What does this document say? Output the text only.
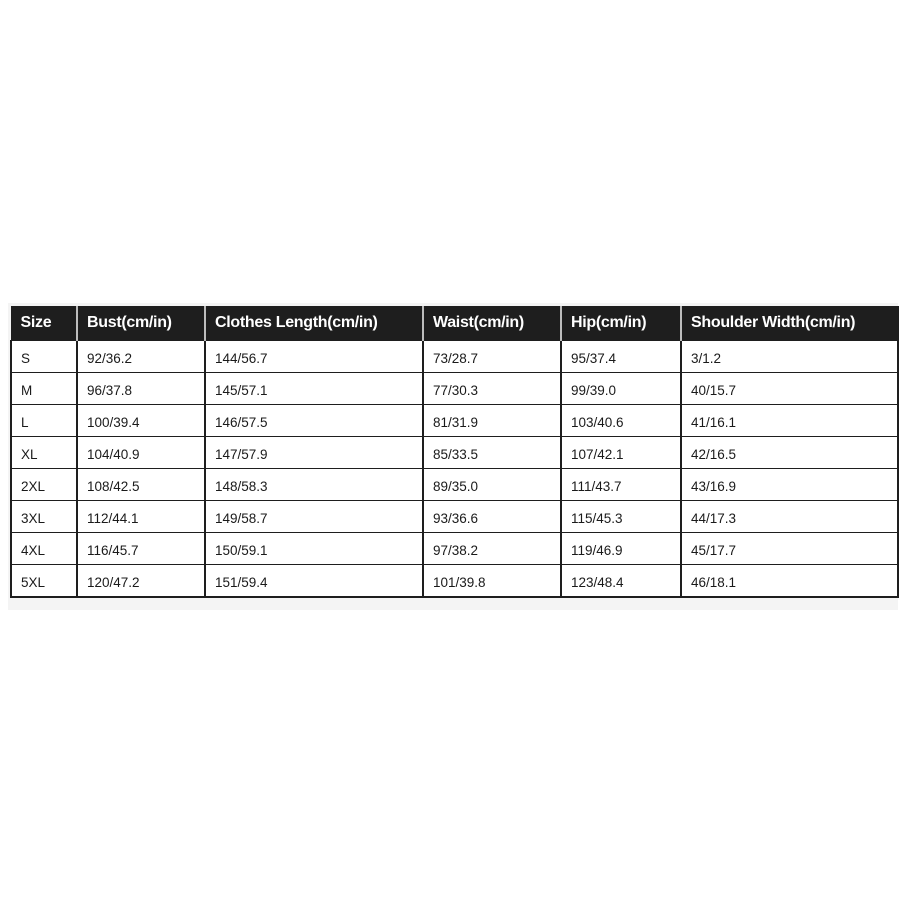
Size	Bust(cm/in)	Clothes Length(cm/in)	Waist(cm/in)	Hip(cm/in)	Shoulder Width(cm/in)
S	92/36.2	144/56.7	73/28.7	95/37.4	3/1.2
M	96/37.8	145/57.1	77/30.3	99/39.0	40/15.7
L	100/39.4	146/57.5	81/31.9	103/40.6	41/16.1
XL	104/40.9	147/57.9	85/33.5	107/42.1	42/16.5
2XL	108/42.5	148/58.3	89/35.0	111/43.7	43/16.9
3XL	112/44.1	149/58.7	93/36.6	115/45.3	44/17.3
4XL	116/45.7	150/59.1	97/38.2	119/46.9	45/17.7
5XL	120/47.2	151/59.4	101/39.8	123/48.4	46/18.1
